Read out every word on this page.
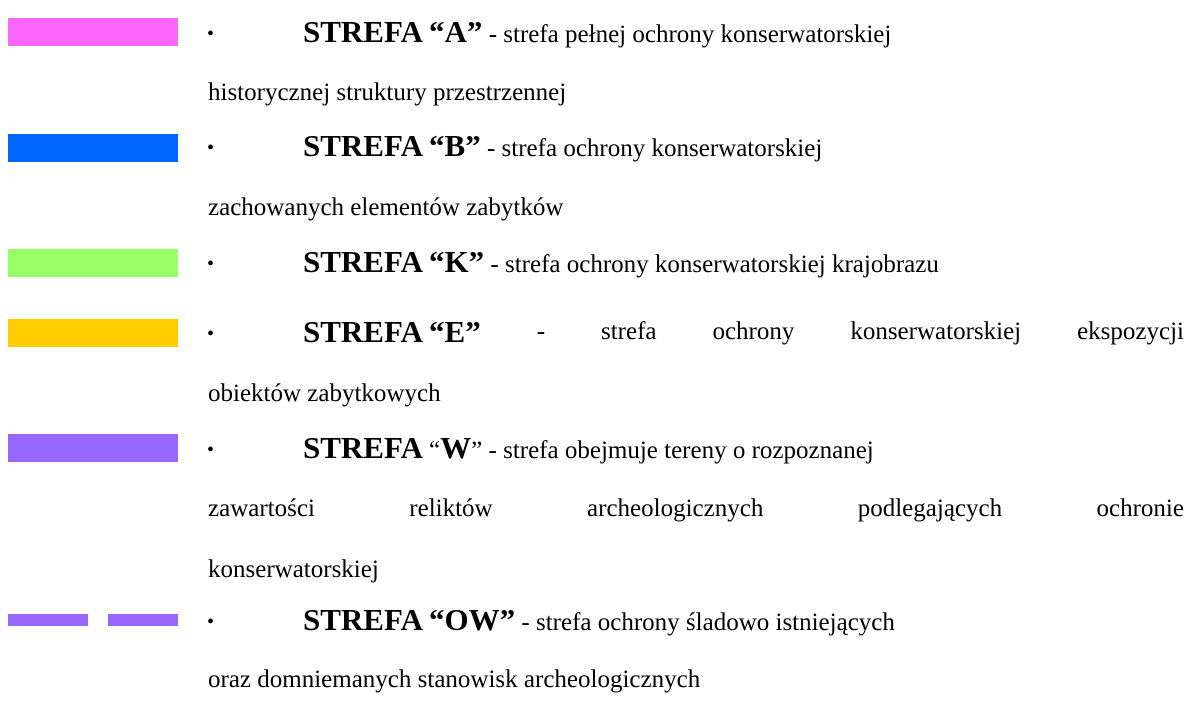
•	STREFA “A” - strefa pełnej ochrony konserwatorskiej
historycznej struktury przestrzennej
•	STREFA “B” - strefa ochrony konserwatorskiej
zachowanych elementów zabytków
•	STREFA “K” - strefa ochrony konserwatorskiej krajobrazu
•	STREFA “E” - strefa ochrony konserwatorskiej ekspozycji
obiektów zabytkowych
•	STREFA “W” - strefa obejmuje tereny o rozpoznanej
zawartości	reliktów	archeologicznych	podlegających	ochronie
konserwatorskiej
•	STREFA “OW” - strefa ochrony śladowo istniejących
oraz domniemanych stanowisk archeologicznych
